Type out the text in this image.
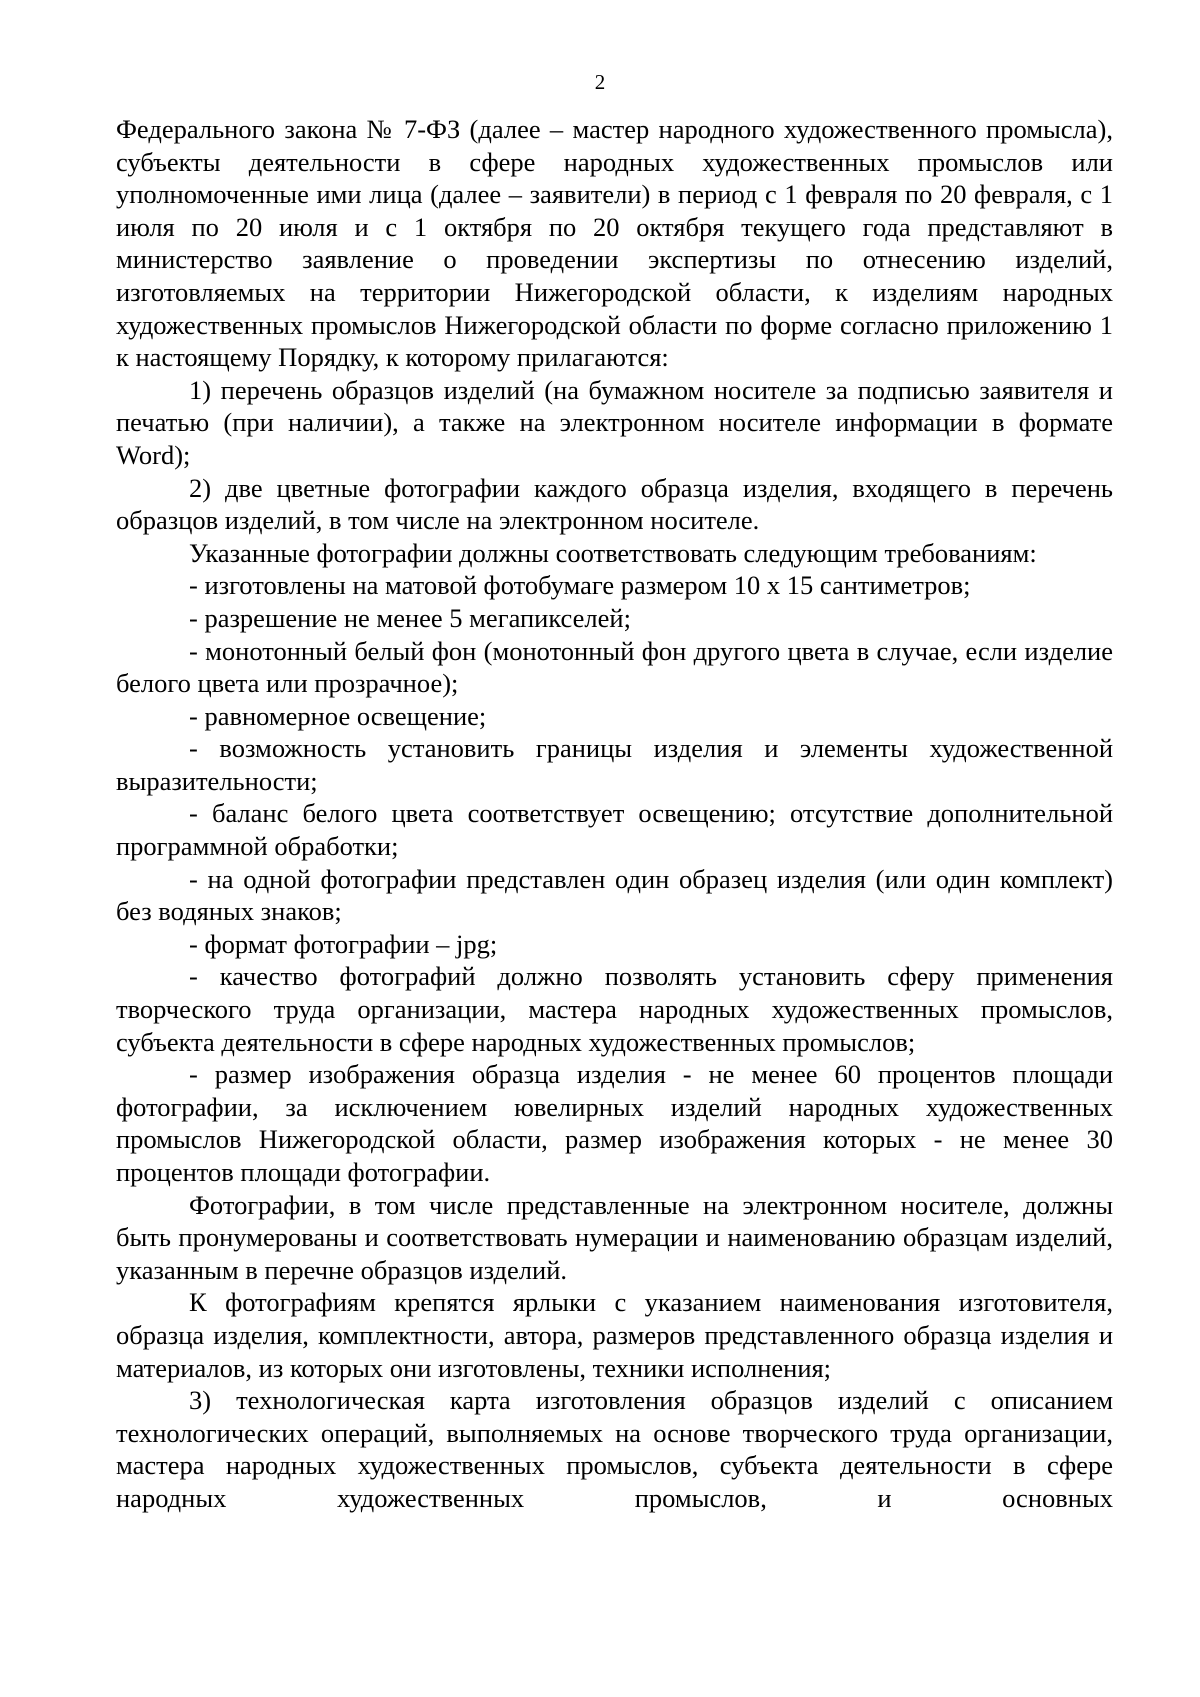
2

Федерального закона № 7-ФЗ (далее – мастер народного художественного промысла), субъекты деятельности в сфере народных художественных промыслов или уполномоченные ими лица (далее – заявители) в период с 1 февраля по 20 февраля, с 1 июля по 20 июля и с 1 октября по 20 октября текущего года представляют в министерство заявление о проведении экспертизы по отнесению изделий, изготовляемых на территории Нижегородской области, к изделиям народных художественных промыслов Нижегородской области по форме согласно приложению 1 к настоящему Порядку, к которому прилагаются:

1) перечень образцов изделий (на бумажном носителе за подписью заявителя и печатью (при наличии), а также на электронном носителе информации в формате Word);

2) две цветные фотографии каждого образца изделия, входящего в перечень образцов изделий, в том числе на электронном носителе.

Указанные фотографии должны соответствовать следующим требованиям:

- изготовлены на матовой фотобумаге размером 10 х 15 сантиметров;

- разрешение не менее 5 мегапикселей;

- монотонный белый фон (монотонный фон другого цвета в случае, если изделие белого цвета или прозрачное);

- равномерное освещение;

- возможность установить границы изделия и элементы художественной выразительности;

- баланс белого цвета соответствует освещению; отсутствие дополнительной программной обработки;

- на одной фотографии представлен один образец изделия (или один комплект) без водяных знаков;

- формат фотографии – jpg;

- качество фотографий должно позволять установить сферу применения творческого труда организации, мастера народных художественных промыслов, субъекта деятельности в сфере народных художественных промыслов;

- размер изображения образца изделия - не менее 60 процентов площади фотографии, за исключением ювелирных изделий народных художественных промыслов Нижегородской области, размер изображения которых - не менее 30 процентов площади фотографии.

Фотографии, в том числе представленные на электронном носителе, должны быть пронумерованы и соответствовать нумерации и наименованию образцам изделий, указанным в перечне образцов изделий.

К фотографиям крепятся ярлыки с указанием наименования изготовителя, образца изделия, комплектности, автора, размеров представленного образца изделия и материалов, из которых они изготовлены, техники исполнения;

3) технологическая карта изготовления образцов изделий с описанием технологических операций, выполняемых на основе творческого труда организации, мастера народных художественных промыслов, субъекта деятельности в сфере народных художественных промыслов, и основных
